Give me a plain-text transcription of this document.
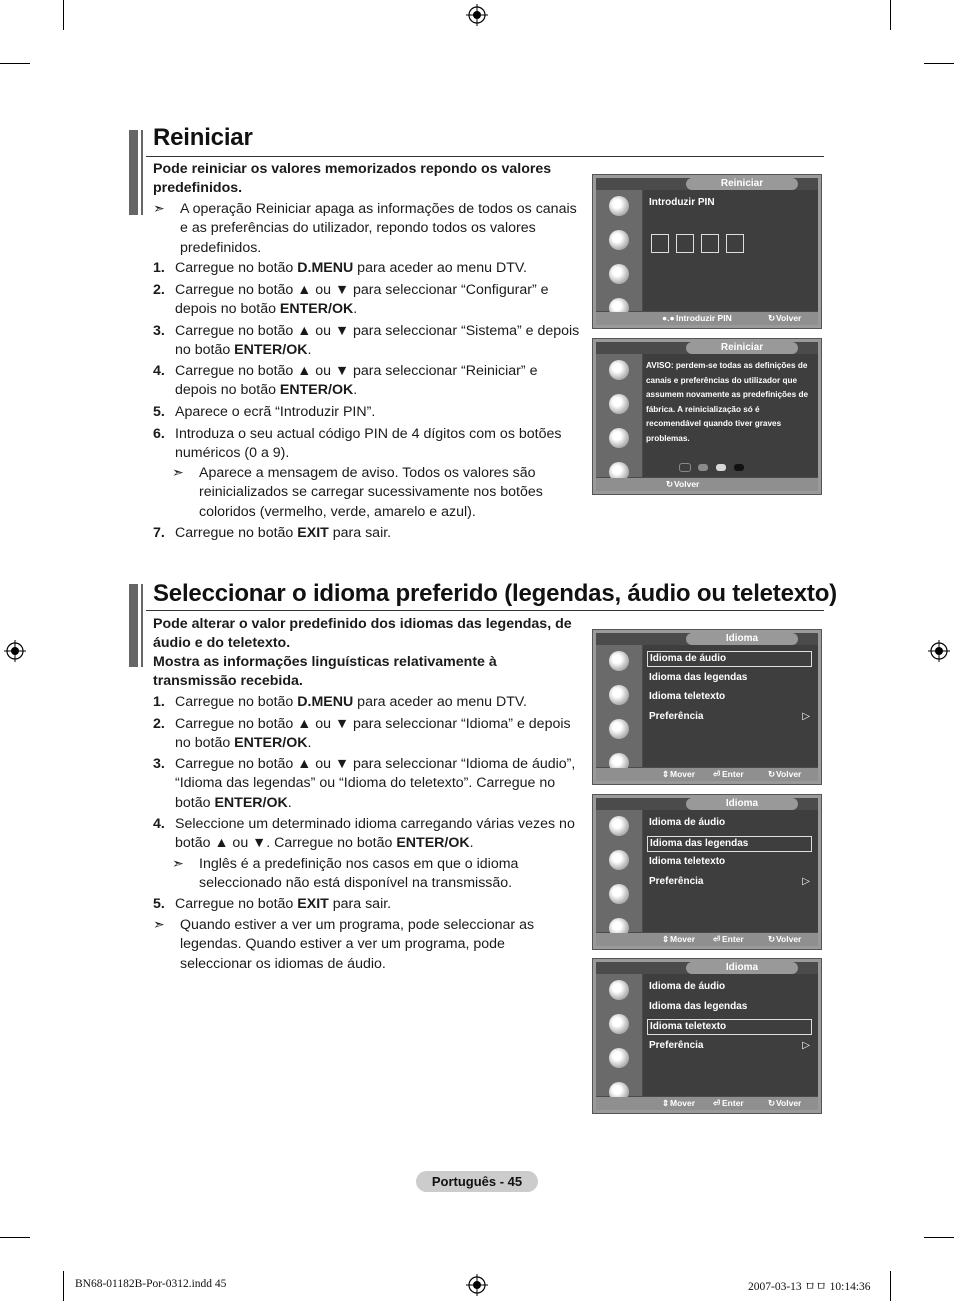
Reiniciar
Pode reiniciar os valores memorizados repondo os valores predefinidos.
➣ A operação Reiniciar apaga as informações de todos os canais e as preferências do utilizador, repondo todos os valores predefinidos.
1. Carregue no botão D.MENU para aceder ao menu DTV.
2. Carregue no botão ▲ ou ▼ para seleccionar “Configurar” e depois no botão ENTER/OK.
3. Carregue no botão ▲ ou ▼ para seleccionar “Sistema” e depois no botão ENTER/OK.
4. Carregue no botão ▲ ou ▼ para seleccionar “Reiniciar” e depois no botão ENTER/OK.
5. Aparece o ecrã “Introduzir PIN”.
6. Introduza o seu actual código PIN de 4 dígitos com os botões numéricos (0 a 9).
7. Carregue no botão EXIT para sair.
➣ Aparece a mensagem de aviso. Todos os valores são reinicializados se carregar sucessivamente nos botões coloridos (vermelho, verde, amarelo e azul).
Introduzir PIN
Reiniciar
●.● Introduzir PIN	↻ Volver
AVISO: perdem-se todas as definições de canais e preferências do utilizador que assumem novamente as predefinições de fábrica. A reinicialização só é recomendável quando tiver graves problemas.
Reiniciar
↻ Volver
Seleccionar o idioma preferido (legendas, áudio ou teletexto)
Pode alterar o valor predefinido dos idiomas das legendas, de áudio e do teletexto.
Mostra as informações linguísticas relativamente à transmissão recebida.
1. Carregue no botão D.MENU para aceder ao menu DTV.
2. Carregue no botão ▲ ou ▼ para seleccionar “Idioma” e depois no botão ENTER/OK.
3. Carregue no botão ▲ ou ▼ para seleccionar “Idioma de áudio”, “Idioma das legendas” ou “Idioma do teletexto”. Carregue no botão ENTER/OK.
4. Seleccione um determinado idioma carregando várias vezes no botão ▲ ou ▼. Carregue no botão ENTER/OK.
5. Carregue no botão EXIT para sair.
➣ Inglês é a predefinição nos casos em que o idioma seleccionado não está disponível na transmissão.
➣ Quando estiver a ver um programa, pode seleccionar as legendas. Quando estiver a ver um programa, pode seleccionar os idiomas de áudio.
Idioma de áudio
Idioma das legendas
Idioma teletexto
Preferência	▷
Idioma
⇕ Mover ⏎ Enter	↻ Volver
Idioma de áudio
Idioma das legendas
Idioma teletexto
Preferência	▷
Idioma
⇕ Mover ⏎ Enter	↻ Volver
Idioma de áudio
Idioma das legendas
Idioma teletexto
Preferência	▷
Idioma
⇕ Mover ⏎ Enter	↻ Volver
Português - 45
BN68-01182B-Por-0312.indd 45	2007-03-13 ㅁㅁ 10:14:36
